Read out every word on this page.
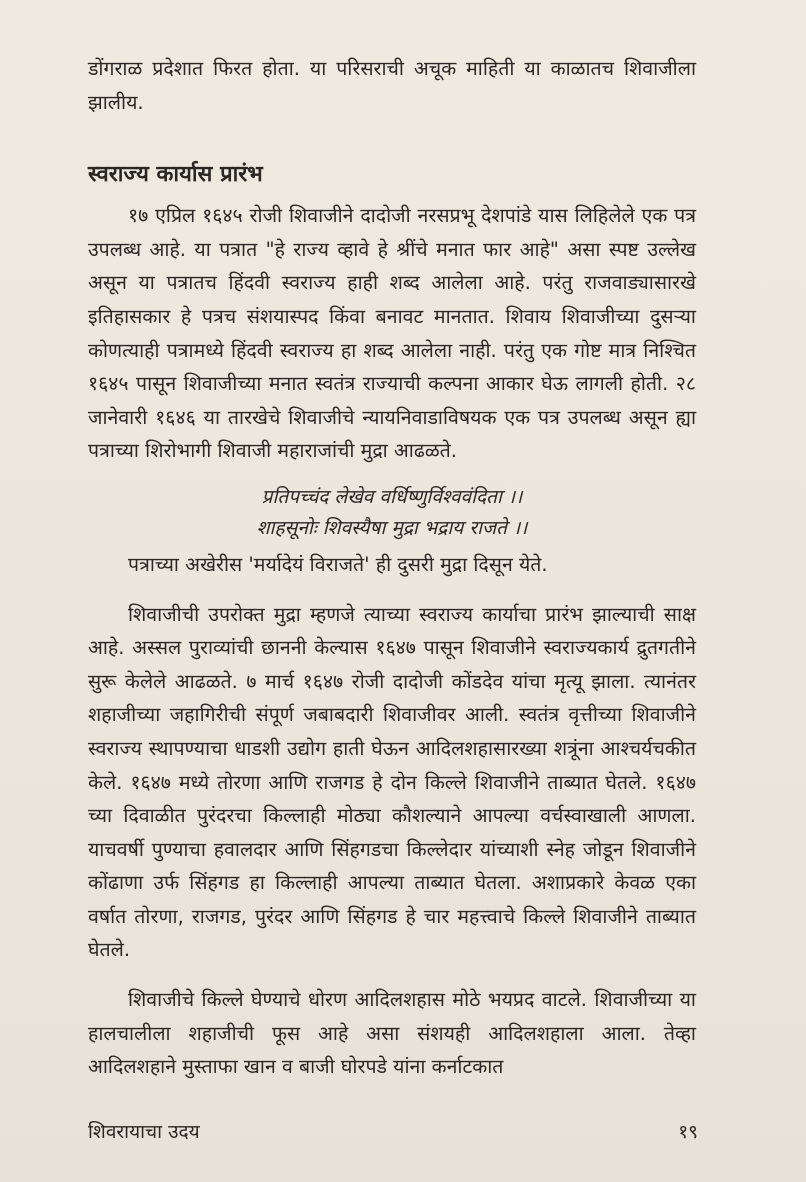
डोंगराळ प्रदेशात फिरत होता. या परिसराची अचूक माहिती या काळातच शिवाजीला झालीय.

स्वराज्य कार्यास प्रारंभ

१७ एप्रिल १६४५ रोजी शिवाजीने दादोजी नरसप्रभू देशपांडे यास लिहिलेले एक पत्र उपलब्ध आहे. या पत्रात "हे राज्य व्हावे हे श्रींचे मनात फार आहे" असा स्पष्ट उल्लेख असून या पत्रातच हिंदवी स्वराज्य हाही शब्द आलेला आहे. परंतु राजवाड्यासारखे इतिहासकार हे पत्रच संशयास्पद किंवा बनावट मानतात. शिवाय शिवाजीच्या दुसऱ्या कोणत्याही पत्रामध्ये हिंदवी स्वराज्य हा शब्द आलेला नाही. परंतु एक गोष्ट मात्र निश्चित १६४५ पासून शिवाजीच्या मनात स्वतंत्र राज्याची कल्पना आकार घेऊ लागली होती. २८ जानेवारी १६४६ या तारखेचे शिवाजीचे न्यायनिवाडाविषयक एक पत्र उपलब्ध असून ह्या पत्राच्या शिरोभागी शिवाजी महाराजांची मुद्रा आढळते.

प्रतिपच्चंद लेखेव वर्धिष्णुर्विश्ववंदिता ।।
शाहसूनोः शिवस्यैषा मुद्रा भद्राय राजते ।।

पत्राच्या अखेरीस 'मर्यादेयं विराजते' ही दुसरी मुद्रा दिसून येते.

शिवाजीची उपरोक्त मुद्रा म्हणजे त्याच्या स्वराज्य कार्याचा प्रारंभ झाल्याची साक्ष आहे. अस्सल पुराव्यांची छाननी केल्यास १६४७ पासून शिवाजीने स्वराज्यकार्य द्रुतगतीने सुरू केलेले आढळते. ७ मार्च १६४७ रोजी दादोजी कोंडदेव यांचा मृत्यू झाला. त्यानंतर शहाजीच्या जहागिरीची संपूर्ण जबाबदारी शिवाजीवर आली. स्वतंत्र वृत्तीच्या शिवाजीने स्वराज्य स्थापण्याचा धाडशी उद्योग हाती घेऊन आदिलशहासारख्या शत्रूंना आश्चर्यचकीत केले. १६४७ मध्ये तोरणा आणि राजगड हे दोन किल्ले शिवाजीने ताब्यात घेतले. १६४७ च्या दिवाळीत पुरंदरचा किल्लाही मोठ्या कौशल्याने आपल्या वर्चस्वाखाली आणला. याचवर्षी पुण्याचा हवालदार आणि सिंहगडचा किल्लेदार यांच्याशी स्नेह जोडून शिवाजीने कोंढाणा उर्फ सिंहगड हा किल्लाही आपल्या ताब्यात घेतला. अशाप्रकारे केवळ एका वर्षात तोरणा, राजगड, पुरंदर आणि सिंहगड हे चार महत्त्वाचे किल्ले शिवाजीने ताब्यात घेतले.

शिवाजीचे किल्ले घेण्याचे धोरण आदिलशहास मोठे भयप्रद वाटले. शिवाजीच्या या हालचालीला शहाजीची फूस आहे असा संशयही आदिलशहाला आला. तेव्हा आदिलशहाने मुस्ताफा खान व बाजी घोरपडे यांना कर्नाटकात

शिवरायाचा उदय	१९
